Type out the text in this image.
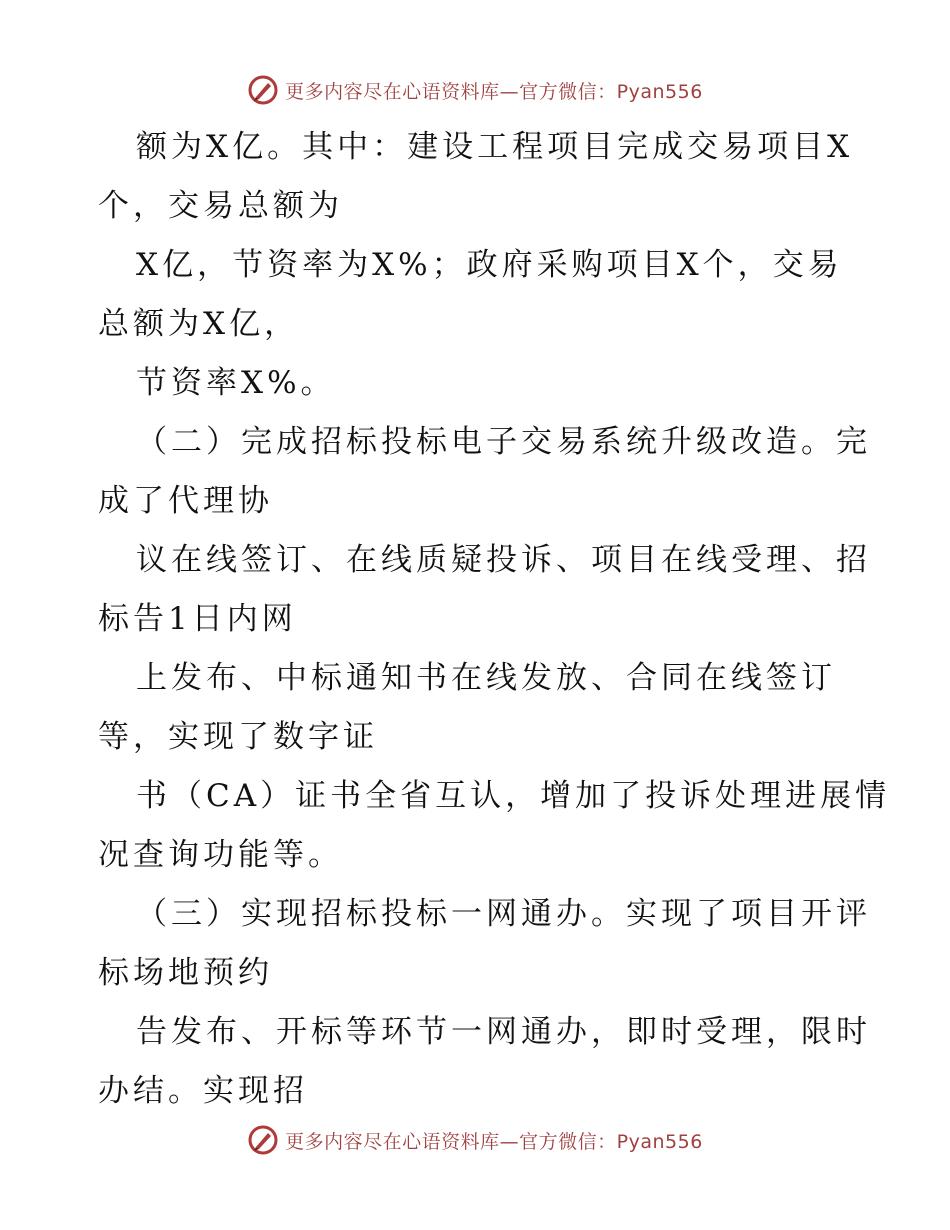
更多内容尽在心语资料库—官方微信：Pyan556
额为X亿。其中：建设工程项目完成交易项目X
个，交易总额为
X亿，节资率为X%；政府采购项目X个，交易
总额为X亿，
节资率X%。
（二）完成招标投标电子交易系统升级改造。完
成了代理协
议在线签订、在线质疑投诉、项目在线受理、招
标告1日内网
上发布、中标通知书在线发放、合同在线签订
等，实现了数字证
书（CA）证书全省互认，增加了投诉处理进展情
况查询功能等。
（三）实现招标投标一网通办。实现了项目开评
标场地预约
告发布、开标等环节一网通办，即时受理，限时
办结。实现招
更多内容尽在心语资料库—官方微信：Pyan556
